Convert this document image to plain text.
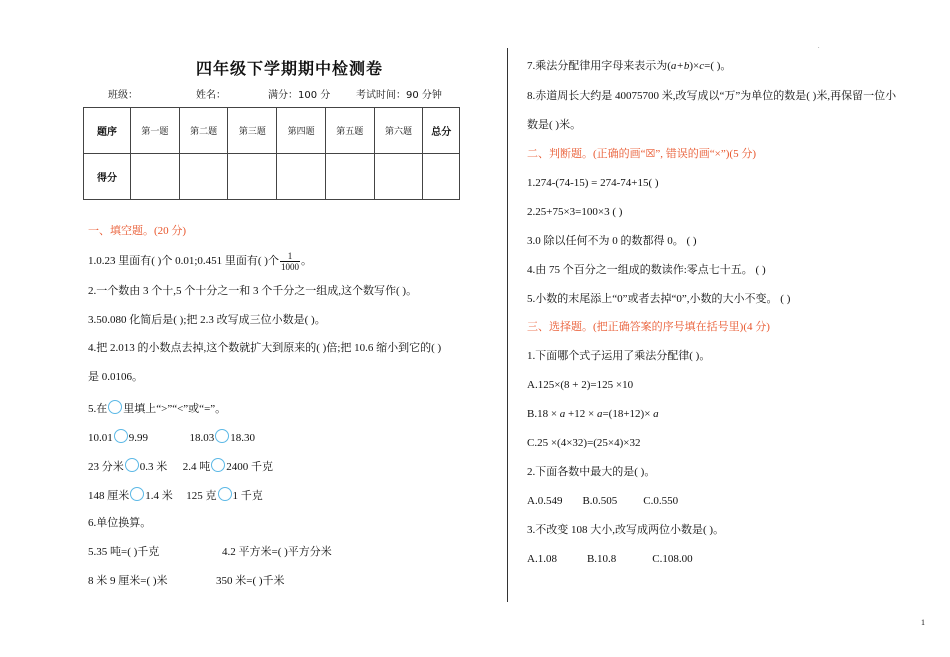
四年级下学期期中检测卷
班级：	姓名：	满分：100 分	考试时间：90 分钟
题序	第一题	第二题	第三题	第四题	第五题	第六题	总分
得分							
一、填空题。(20 分)
1.0.23 里面有( )个 0.01;0.451 里面有( )个 $\frac{1}{1000}$ 。
2.一个数由 3 个十,5 个十分之一和 3 个千分之一组成,这个数写作( )。
3.50.080 化简后是( );把 2.3 改写成三位小数是( )。
4.把 2.013 的小数点去掉,这个数就扩大到原来的( )倍;把 10.6 缩小到它的( )
是 0.0106。
5.在 里填上“>”“<”或“=”。
10.01 9.99	18.03 18.30
23 分米 0.3 米 2.4 吨 2400 千克
148 厘米 1.4 米 125 克 1 千克
6.单位换算。
5.35 吨=( )千克	4.2 平方米=( )平方分米
8 米 9 厘米=( )米	350 米=( )千米
.
7.乘法分配律用字母来表示为(a+b)×c=( )。
8.赤道周长大约是 40075700 米,改写成以“万”为单位的数是( )米,再保留一位小
数是( )米。
二、判断题。(正确的画“☒”, 错误的画“×”)(5 分)
1.274-(74-15) = 274-74+15( )
2.25+75×3=100×3 ( )
3.0 除以任何不为 0 的数都得 0。 ( )
4.由 75 个百分之一组成的数读作:零点七十五。 ( )
5.小数的末尾添上“0”或者去掉“0”,小数的大小不变。 ( )
三、选择题。(把正确答案的序号填在括号里)(4 分)
1.下面哪个式子运用了乘法分配律( )。
A.125×(8 + 2)=125 ×10
B.18 × a +12 × a=(18+12)× a
C.25 ×(4×32)=(25×4)×32
2.下面各数中最大的是( )。
A.0.549 B.0.505 C.0.550
3.不改变 108 大小,改写成两位小数是( )。
A.1.08	B.10.8	C.108.00
1
